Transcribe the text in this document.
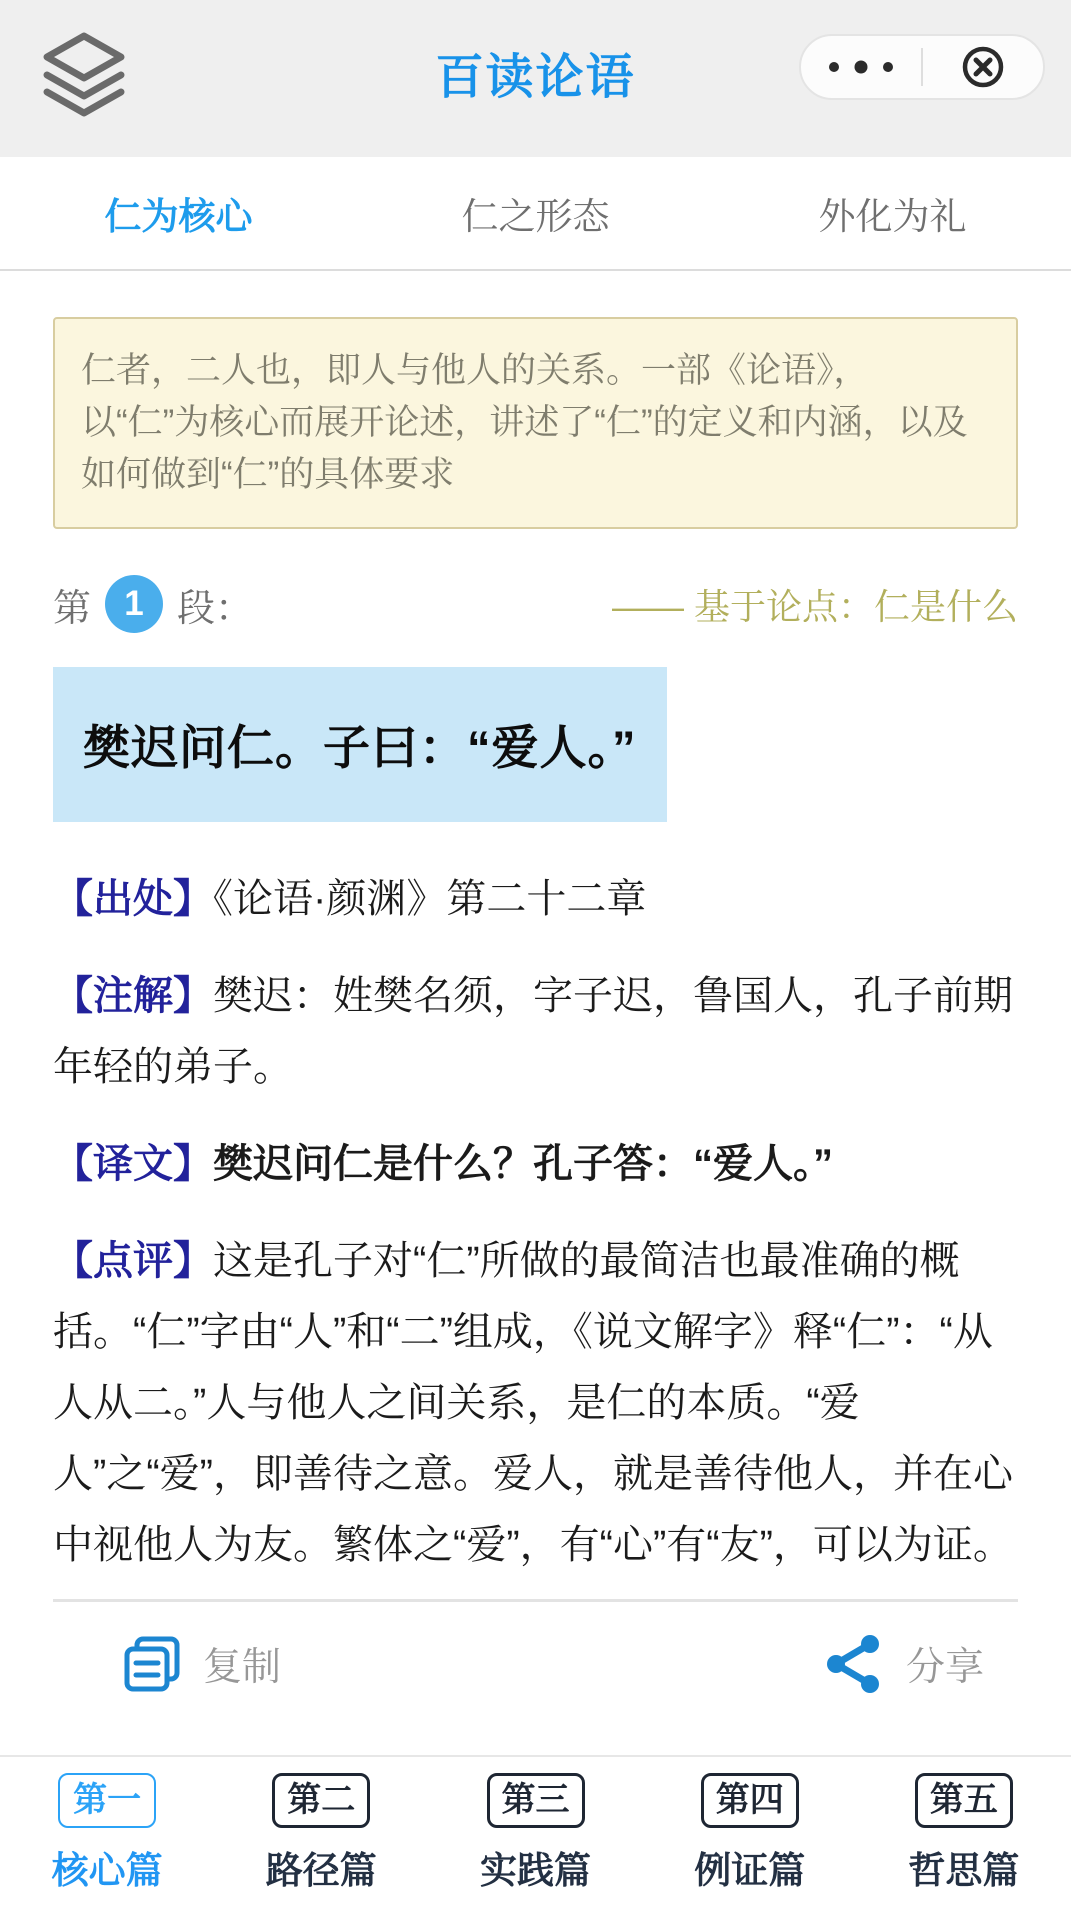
百读论语
仁为核心	仁之形态	外化为礼
仁者，二人也，即人与他人的关系。一部《论语》，以“仁”为核心而展开论述，讲述了“仁”的定义和内涵，以及如何做到“仁”的具体要求
第 1 段：	—— 基于论点：仁是什么
樊迟问仁。子曰：“爱人。”
【出处】《论语·颜渊》第二十二章
【注解】樊迟：姓樊名须，字子迟，鲁国人，孔子前期年轻的弟子。
【译文】樊迟问仁是什么？孔子答：“爱人。”
【点评】这是孔子对“仁”所做的最简洁也最准确的概括。“仁”字由“人”和“二”组成，《说文解字》释“仁”：“从人从二。”人与他人之间关系，是仁的本质。“爱人”之“爱”，即善待之意。爱人，就是善待他人，并在心中视他人为友。繁体之“爱”，有“心”有“友”，可以为证。
复制	分享
第一
核心篇
第二
路径篇
第三
实践篇
第四
例证篇
第五
哲思篇
